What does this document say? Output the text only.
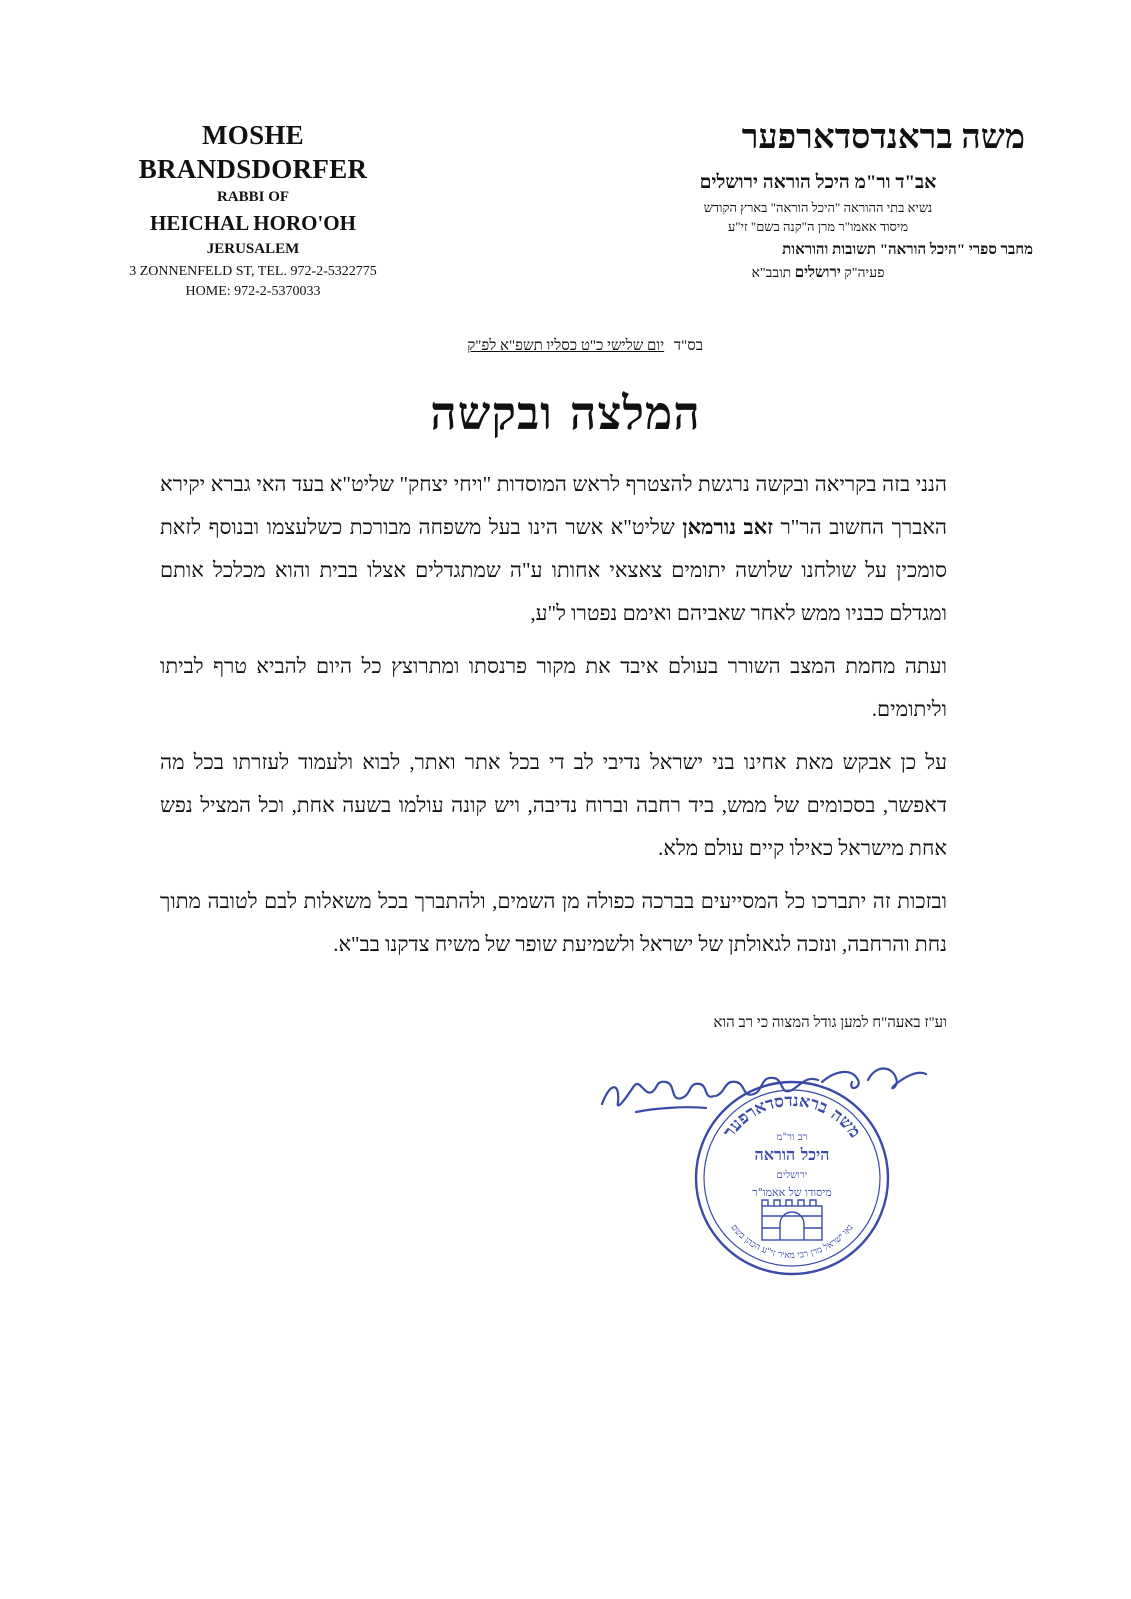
MOSHE BRANDSDORFER
RABBI OF
HEICHAL HORO'OH
JERUSALEM
3 ZONNENFELD ST, TEL. 972-2-5322775
HOME: 972-2-5370033
משה בראנדסדארפער
אב"ד ור"מ היכל הוראה ירושלים
נשיא בתי ההוראה "היכל הוראה" בארץ הקודש
מיסוד אאמו"ר מרן ה"קנה בשם" זי"ע
מחבר ספרי "היכל הוראה" תשובות והוראות
פעיה"ק ירושלים תובב"א
בס"ד יום שלישי כ"ט כסליו תשפ"א לפ"ק
המלצה ובקשה

הנני בזה בקריאה ובקשה נרגשת להצטרף לראש המוסדות "ויחי יצחק" שליט"א בעד האי גברא יקירא האברך החשוב הר"ר זאב נורמאן שליט"א אשר הינו בעל משפחה מבורכת כשלעצמו ובנוסף לזאת סומכין על שולחנו שלושה יתומים צאצאי אחותו ע"ה שמתגדלים אצלו בבית והוא מכלכל אותם ומגדלם כבניו ממש לאחר שאביהם ואימם נפטרו ל"ע,

ועתה מחמת המצב השורר בעולם איבד את מקור פרנסתו ומתרוצץ כל היום להביא טרף לביתו וליתומים.

על כן אבקש מאת אחינו בני ישראל נדיבי לב די בכל אתר ואתר, לבוא ולעמוד לעזרתו בכל מה דאפשר, בסכומים של ממש, ביד רחבה וברוח נדיבה, ויש קונה עולמו בשעה אחת, וכל המציל נפש אחת מישראל כאילו קיים עולם מלא.

ובזכות זה יתברכו כל המסייעים בברכה כפולה מן השמים, ולהתברך בכל משאלות לבם לטובה מתוך נחת והרחבה, ונזכה לגאולתן של ישראל ולשמיעת שופר של משיח צדקנו בב"א.

וע"ז באעה"ח למען גודל המצוה כי רב הוא
משה בראנדסדארפער
נאו ישראל מרן רבי מאיר זי"ע הכהן בשם
רב ור"מ
היכל הוראה
ירושלים
מיסודו של אאמו"ר
